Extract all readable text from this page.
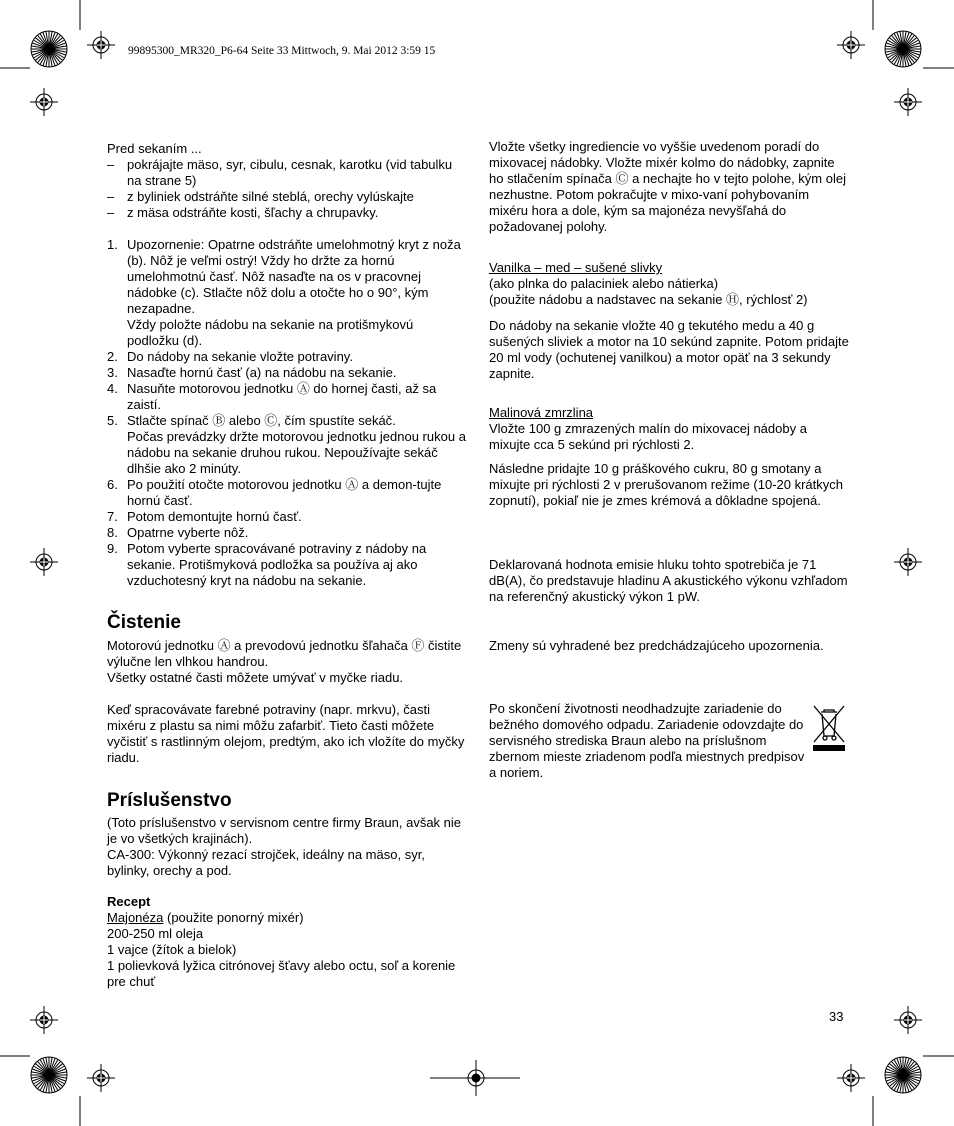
99895300_MR320_P6-64 Seite 33 Mittwoch, 9. Mai 2012 3:59 15

Pred sekaním ...

– pokrájajte mäso, syr, cibulu, cesnak, karotku (vid tabulku na strane 5)
– z byliniek odstráňte silné steblá, orechy vylúskajte
– z mäsa odstráňte kosti, šľachy a chrupavky.
1. Upozornenie: Opatrne odstráňte umelohmotný kryt z noža (b). Nôž je veľmi ostrý! Vždy ho držte za hornú umelohmotnú časť. Nôž nasaďte na os v pracovnej nádobke (c). Stlačte nôž dolu a otočte ho o 90°, kým nezapadne.
Vždy položte nádobu na sekanie na protišmykovú podložku (d).
2. Do nádoby na sekanie vložte potraviny.
3. Nasaďte hornú časť (a) na nádobu na sekanie.
4. Nasuňte motorovou jednotku Ⓐ do hornej časti, až sa zaistí.
5. Stlačte spínač Ⓑ alebo Ⓒ, čím spustíte sekáč.
Počas prevádzky držte motorovou jednotku jednou rukou a nádobu na sekanie druhou rukou. Nepoužívajte sekáč dlhšie ako 2 minúty.
6. Po použití otočte motorovou jednotku Ⓐ a demon-tujte hornú časť.
7. Potom demontujte hornú časť.
8. Opatrne vyberte nôž.
9. Potom vyberte spracovávané potraviny z nádoby na sekanie. Protišmyková podložka sa používa aj ako vzduchotesný kryt na nádobu na sekanie.
Čistenie

Motorovú jednotku Ⓐ a prevodovú jednotku šľahača Ⓕ čistite výlučne len vlhkou handrou.

Všetky ostatné časti môžete umývať v myčke riadu.

Keď spracovávate farebné potraviny (napr. mrkvu), časti mixéru z plastu sa nimi môžu zafarbiť. Tieto časti môžete vyčistiť s rastlinným olejom, predtým, ako ich vložíte do myčky riadu.
Príslušenstvo

(Toto príslušenstvo v servisnom centre firmy Braun, avšak nie je vo všetkých krajinách).

CA-300: Výkonný rezací strojček, ideálny na mäso, syr, bylinky, orechy a pod.

Recept

Majonéza (použite ponorný mixér)

200-250 ml oleja

1 vajce (žítok a bielok)

1 polievková lyžica citrónovej šťavy alebo octu, soľ a korenie pre chuť

Vložte všetky ingrediencie vo vyššie uvedenom poradí do mixovacej nádobky. Vložte mixér kolmo do nádobky, zapnite ho stlačením spínača Ⓒ a nechajte ho v tejto polohe, kým olej nezhustne. Potom pokračujte v mixo-vaní pohybovaním mixéru hora a dole, kým sa majonéza nevyšľahá do požadovanej polohy.

Vanilka – med – sušené slivky

(ako plnka do palaciniek alebo nátierka)

(použite nádobu a nadstavec na sekanie Ⓗ, rýchlosť 2)

Do nádoby na sekanie vložte 40 g tekutého medu a 40 g sušených sliviek a motor na 10 sekúnd zapnite. Potom pridajte 20 ml vody (ochutenej vanilkou) a motor opäť na 3 sekundy zapnite.

Malinová zmrzlina

Vložte 100 g zmrazených malín do mixovacej nádoby a mixujte cca 5 sekúnd pri rýchlosti 2.

Následne pridajte 10 g práškového cukru, 80 g smotany a mixujte pri rýchlosti 2 v prerušovanom režime (10-20 krátkych zopnutí), pokiaľ nie je zmes krémová a dôkladne spojená.
Deklarovaná hodnota emisie hluku tohto spotrebiča je 71 dB(A), čo predstavuje hladinu A akustického výkonu vzhľadom na referenčný akustický výkon 1 pW.
Zmeny sú vyhradené bez predchádzajúceho upozornenia.
Po skončení životnosti neodhadzujte zariadenie do bežného domového odpadu. Zariadenie odovzdajte do servisného strediska Braun alebo na príslušnom zbernom mieste zriadenom podľa miestnych predpisov a noriem.
33
